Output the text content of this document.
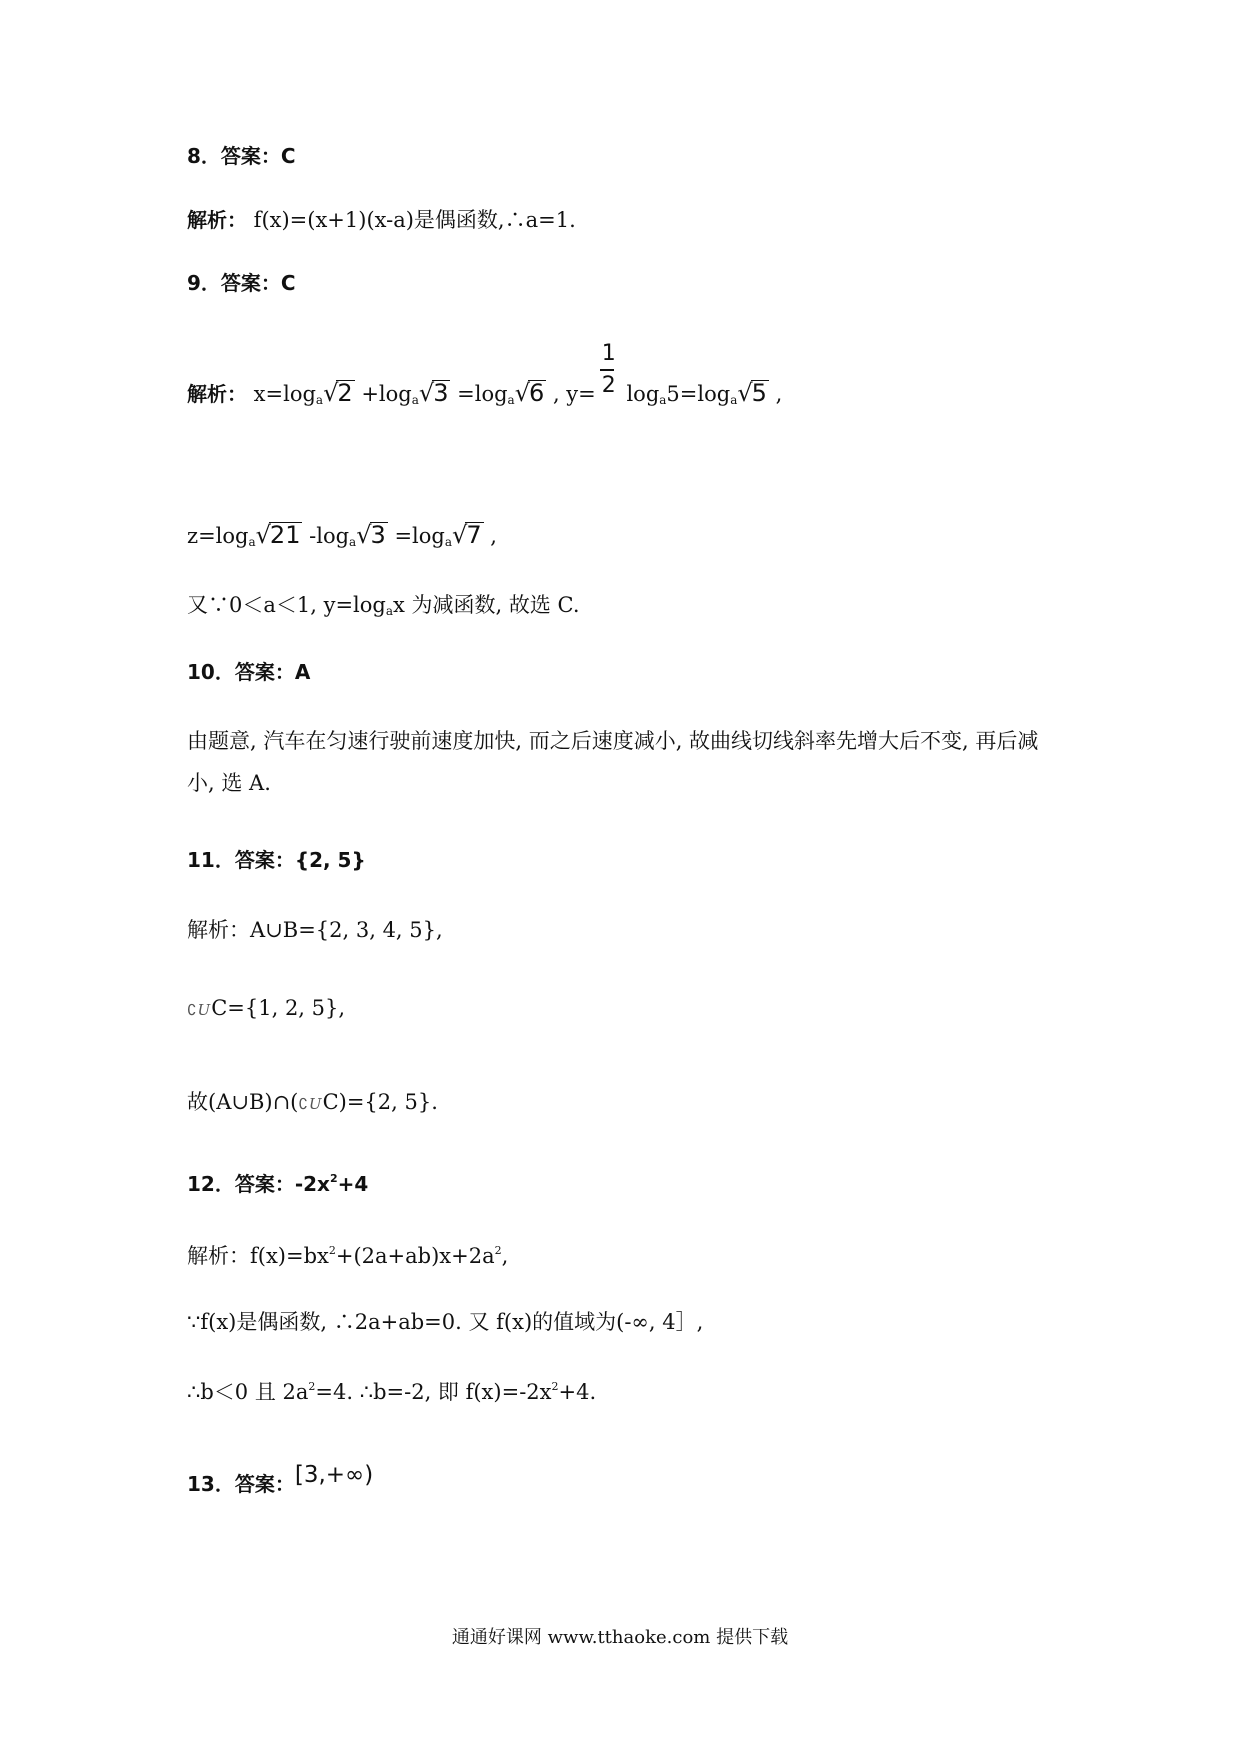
8．答案：C
解析： f(x)=(x+1)(x-a)是偶函数,∴a=1.
9．答案：C
解析： $x=\log_a√2 +\log_a√3 =\log_a√6$ , $y= \frac{1}{2} \log_a5=\log_a√5$ ,
$z=\log_a√21$ $-\log_a√3 =\log_a√7$ ,
又∵0＜a＜1, $y=\log_ax$ 为减函数, 故选 C.
10．答案：A
由题意, 汽车在匀速行驶前速度加快, 而之后速度减小, 故曲线切线斜率先增大后不变, 再后减小, 选 A.
11．答案：{2, 5}
解析：A∪B={2, 3, 4, 5},
∁UC={1, 2, 5},
故(A∪B)∩(∁UC)={2, 5}.
12．答案：$-2x^2+4$
解析：$f(x)=bx^2+(2a+ab)x+2a^2$,
∵f(x)是偶函数, ∴2a+ab=0. 又 f(x)的值域为(-∞, 4］,
∴b＜0 且 $2a^2=4$. ∴b=-2, 即 $f(x)=-2x^2+4$.
13．答案：[3,+∞)
通通好课网 www.tthaoke.com 提供下载
